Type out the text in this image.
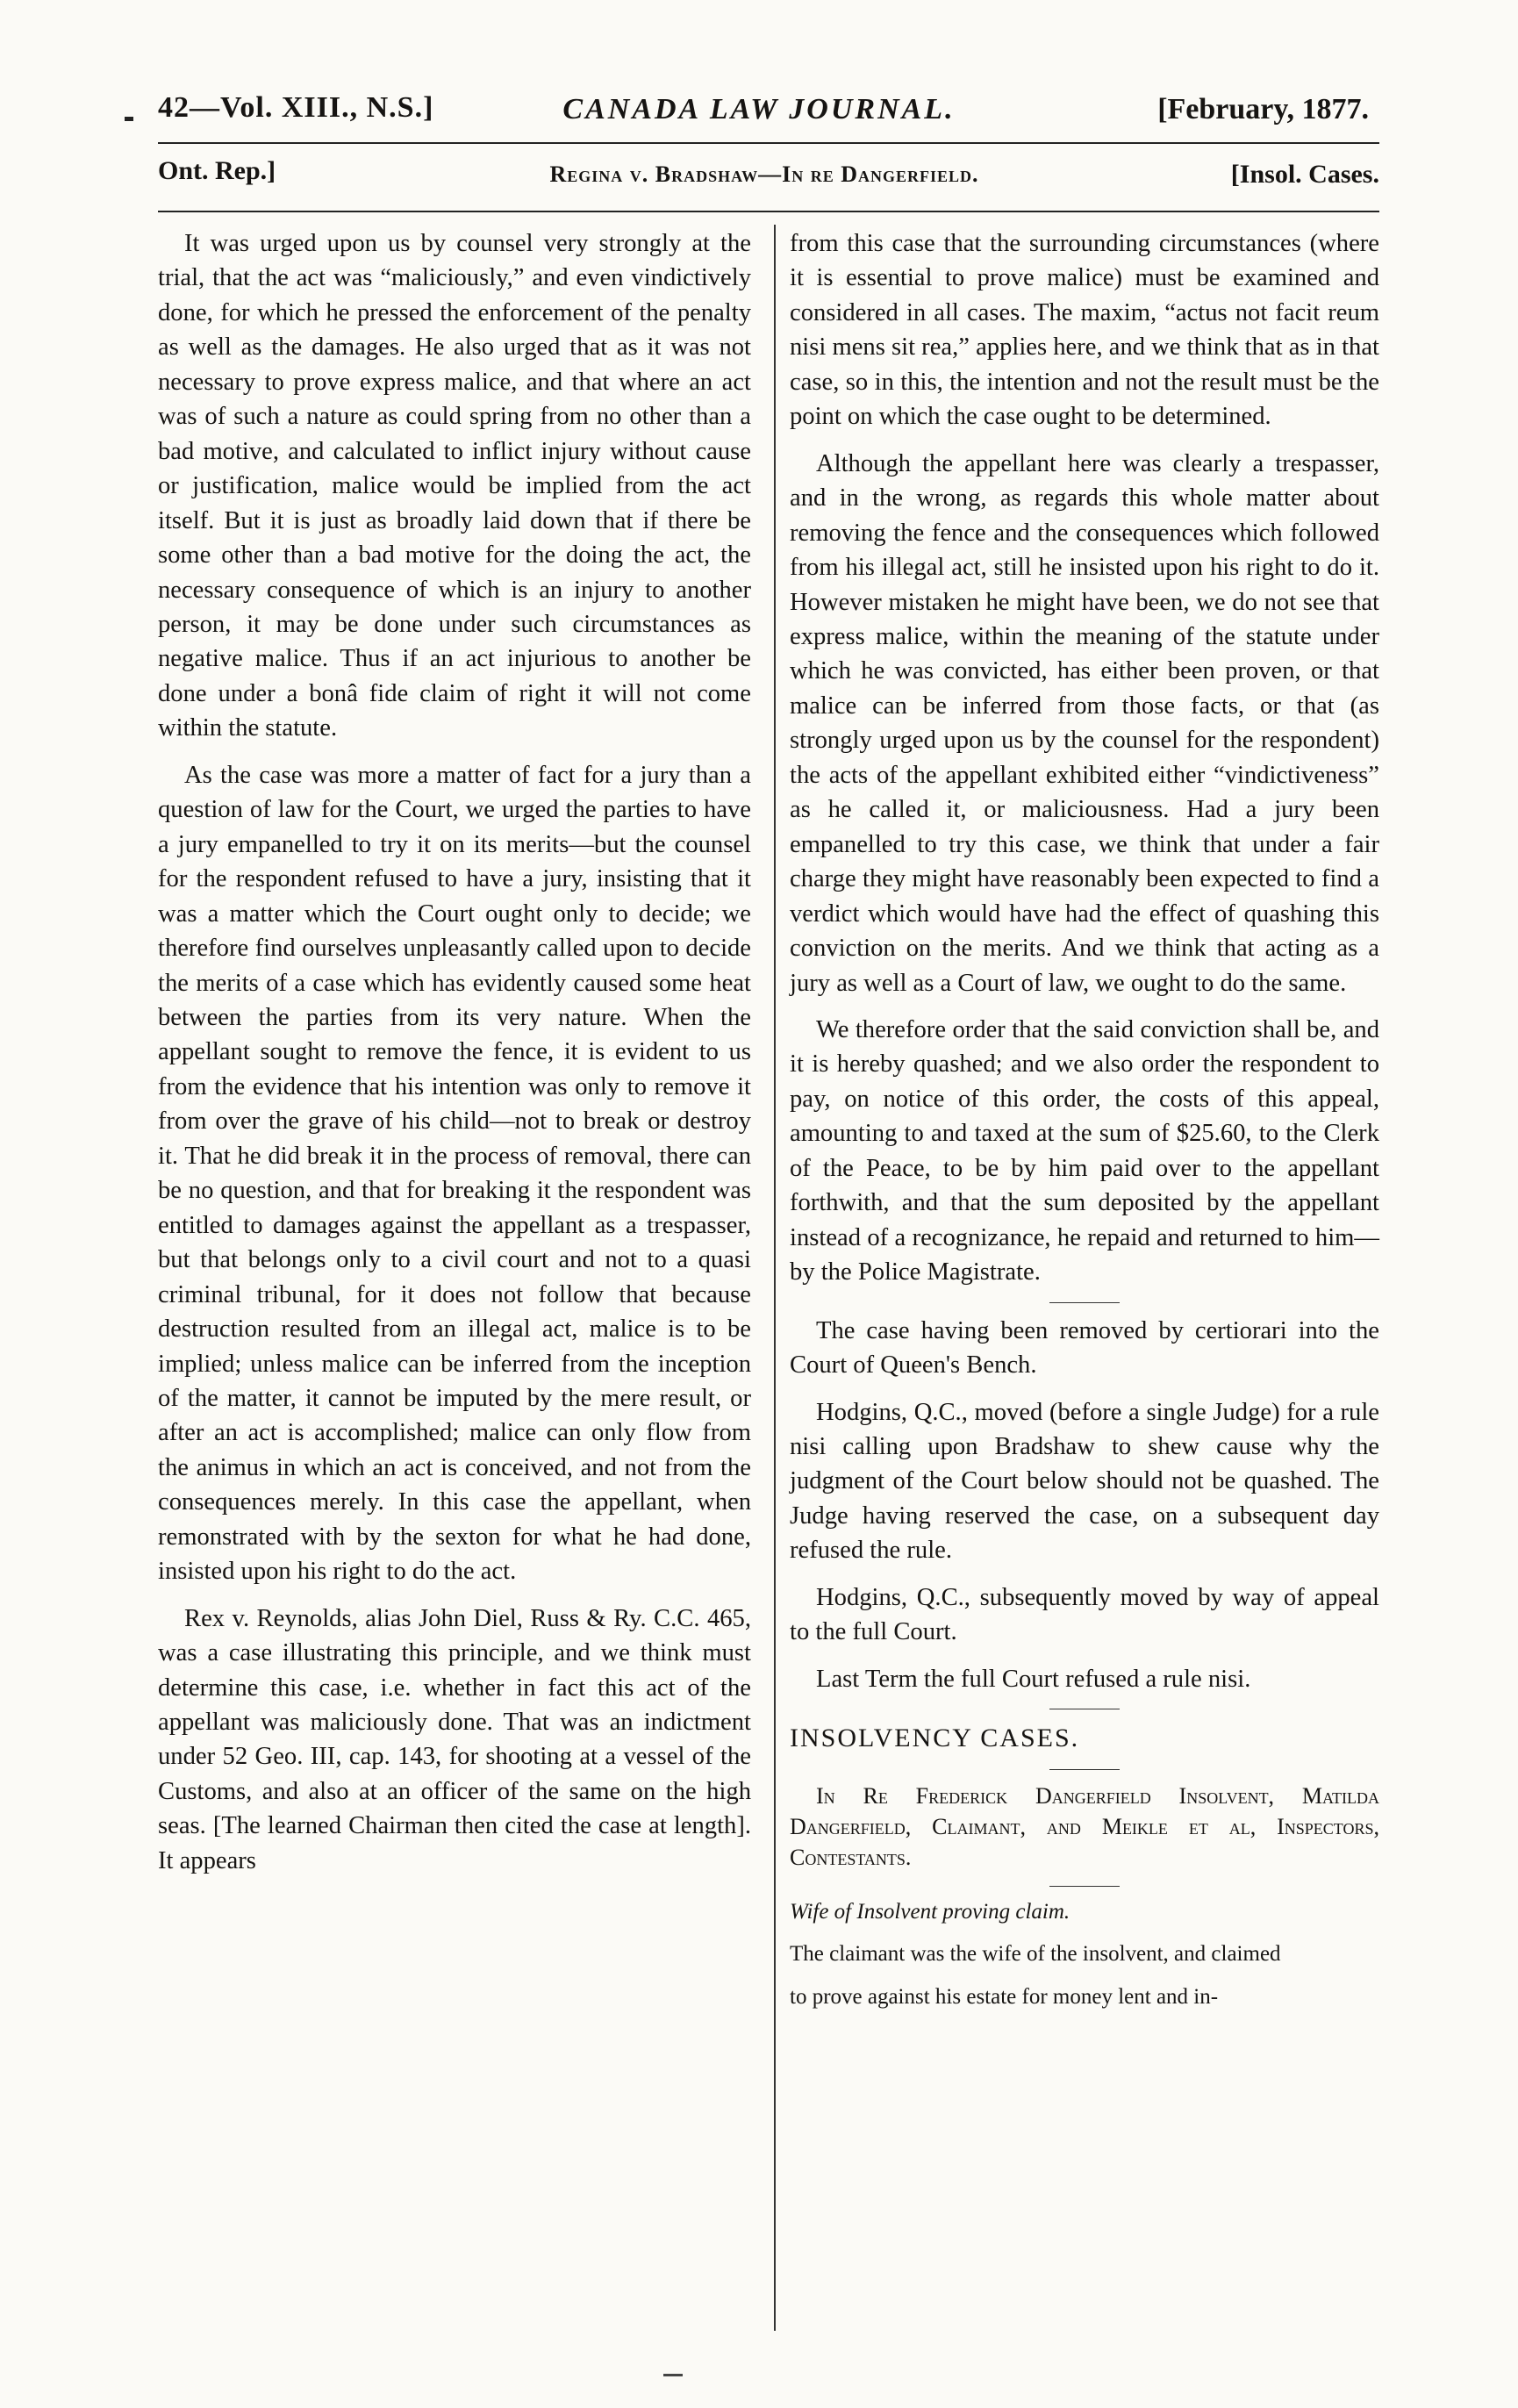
42—Vol. XIII., N.S.]	CANADA LAW JOURNAL.	[February, 1877.
Ont. Rep.]	Regina v. Bradshaw—In re Dangerfield.	[Insol. Cases.

It was urged upon us by counsel very strongly at the trial, that the act was “maliciously,” and even vindictively done, for which he pressed the enforcement of the penalty as well as the damages. He also urged that as it was not necessary to prove express malice, and that where an act was of such a nature as could spring from no other than a bad motive, and calculated to inflict injury without cause or justification, malice would be implied from the act itself. But it is just as broadly laid down that if there be some other than a bad motive for the doing the act, the necessary consequence of which is an injury to another person, it may be done under such circumstances as negative malice. Thus if an act injurious to another be done under a bonâ fide claim of right it will not come within the statute.

As the case was more a matter of fact for a jury than a question of law for the Court, we urged the parties to have a jury empanelled to try it on its merits—but the counsel for the respondent refused to have a jury, insisting that it was a matter which the Court ought only to decide; we therefore find ourselves unpleasantly called upon to decide the merits of a case which has evidently caused some heat between the parties from its very nature. When the appellant sought to remove the fence, it is evident to us from the evidence that his intention was only to remove it from over the grave of his child—not to break or destroy it. That he did break it in the process of removal, there can be no question, and that for breaking it the respondent was entitled to damages against the appellant as a trespasser, but that belongs only to a civil court and not to a quasi criminal tribunal, for it does not follow that because destruction resulted from an illegal act, malice is to be implied; unless malice can be inferred from the inception of the matter, it cannot be imputed by the mere result, or after an act is accomplished; malice can only flow from the animus in which an act is conceived, and not from the consequences merely. In this case the appellant, when remonstrated with by the sexton for what he had done, insisted upon his right to do the act.

Rex v. Reynolds, alias John Diel, Russ & Ry. C.C. 465, was a case illustrating this principle, and we think must determine this case, i.e. whether in fact this act of the appellant was maliciously done. That was an indictment under 52 Geo. III, cap. 143, for shooting at a vessel of the Customs, and also at an officer of the same on the high seas. [The learned Chairman then cited the case at length]. It appears

from this case that the surrounding circumstances (where it is essential to prove malice) must be examined and considered in all cases. The maxim, “actus not facit reum nisi mens sit rea,” applies here, and we think that as in that case, so in this, the intention and not the result must be the point on which the case ought to be determined.

Although the appellant here was clearly a trespasser, and in the wrong, as regards this whole matter about removing the fence and the consequences which followed from his illegal act, still he insisted upon his right to do it. However mistaken he might have been, we do not see that express malice, within the meaning of the statute under which he was convicted, has either been proven, or that malice can be inferred from those facts, or that (as strongly urged upon us by the counsel for the respondent) the acts of the appellant exhibited either “vindictiveness” as he called it, or maliciousness. Had a jury been empanelled to try this case, we think that under a fair charge they might have reasonably been expected to find a verdict which would have had the effect of quashing this conviction on the merits. And we think that acting as a jury as well as a Court of law, we ought to do the same.

We therefore order that the said conviction shall be, and it is hereby quashed; and we also order the respondent to pay, on notice of this order, the costs of this appeal, amounting to and taxed at the sum of $25.60, to the Clerk of the Peace, to be by him paid over to the appellant forthwith, and that the sum deposited by the appellant instead of a recognizance, he repaid and returned to him—by the Police Magistrate.

The case having been removed by certiorari into the Court of Queen's Bench.

Hodgins, Q.C., moved (before a single Judge) for a rule nisi calling upon Bradshaw to shew cause why the judgment of the Court below should not be quashed. The Judge having reserved the case, on a subsequent day refused the rule.

Hodgins, Q.C., subsequently moved by way of appeal to the full Court.

Last Term the full Court refused a rule nisi.

INSOLVENCY CASES.

In Re Frederick Dangerfield Insolvent, Matilda Dangerfield, Claimant, and Meikle et al, Inspectors, Contestants.

Wife of Insolvent proving claim.

The claimant was the wife of the insolvent, and claimed

to prove against his estate for money lent and in-
